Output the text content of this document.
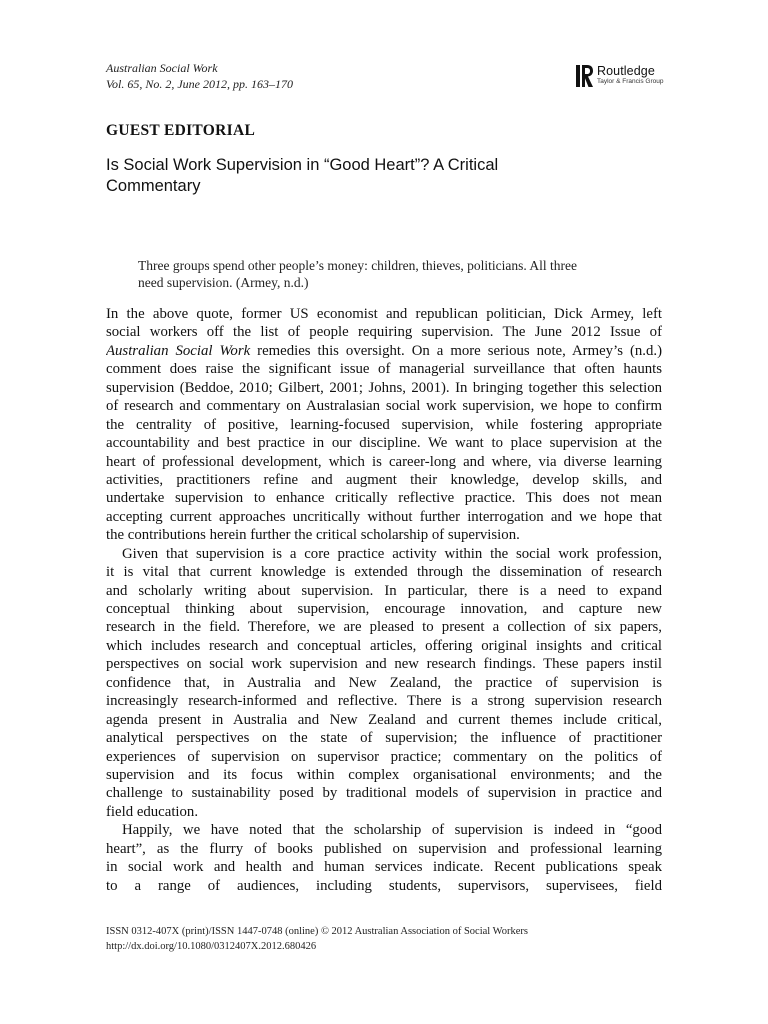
Australian Social Work
Vol. 65, No. 2, June 2012, pp. 163–170
Routledge
Taylor & Francis Group
GUEST EDITORIAL
Is Social Work Supervision in “Good Heart”? A Critical
Commentary
Three groups spend other people’s money: children, thieves, politicians. All three
need supervision. (Armey, n.d.)
In the above quote, former US economist and republican politician, Dick Armey, left
social workers off the list of people requiring supervision. The June 2012 Issue of
Australian Social Work remedies this oversight. On a more serious note, Armey’s (n.d.)
comment does raise the significant issue of managerial surveillance that often haunts
supervision (Beddoe, 2010; Gilbert, 2001; Johns, 2001). In bringing together this selection
of research and commentary on Australasian social work supervision, we hope to confirm
the centrality of positive, learning-focused supervision, while fostering appropriate
accountability and best practice in our discipline. We want to place supervision at the
heart of professional development, which is career-long and where, via diverse learning
activities, practitioners refine and augment their knowledge, develop skills, and
undertake supervision to enhance critically reflective practice. This does not mean
accepting current approaches uncritically without further interrogation and we hope that
the contributions herein further the critical scholarship of supervision.
Given that supervision is a core practice activity within the social work profession,
it is vital that current knowledge is extended through the dissemination of research
and scholarly writing about supervision. In particular, there is a need to expand
conceptual thinking about supervision, encourage innovation, and capture new
research in the field. Therefore, we are pleased to present a collection of six papers,
which includes research and conceptual articles, offering original insights and critical
perspectives on social work supervision and new research findings. These papers instil
confidence that, in Australia and New Zealand, the practice of supervision is
increasingly research-informed and reflective. There is a strong supervision research
agenda present in Australia and New Zealand and current themes include critical,
analytical perspectives on the state of supervision; the influence of practitioner
experiences of supervision on supervisor practice; commentary on the politics of
supervision and its focus within complex organisational environments; and the
challenge to sustainability posed by traditional models of supervision in practice and
field education.
Happily, we have noted that the scholarship of supervision is indeed in “good
heart”, as the flurry of books published on supervision and professional learning
in social work and health and human services indicate. Recent publications speak
to a range of audiences, including students, supervisors, supervisees, field
ISSN 0312-407X (print)/ISSN 1447-0748 (online) © 2012 Australian Association of Social Workers
http://dx.doi.org/10.1080/0312407X.2012.680426
